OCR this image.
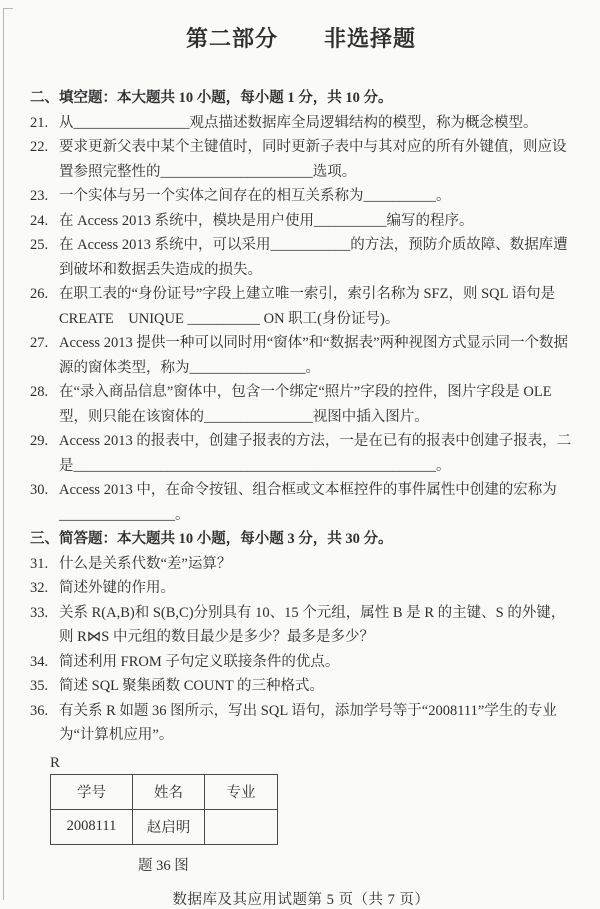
第二部分　　非选择题
二、填空题：本大题共 10 小题，每小题 1 分，共 10 分。
21. 从________________观点描述数据库全局逻辑结构的模型，称为概念模型。
22. 要求更新父表中某个主键值时，同时更新子表中与其对应的所有外键值，则应设置参照完整性的_____________________选项。
23. 一个实体与另一个实体之间存在的相互关系称为__________。
24. 在 Access 2013 系统中，模块是用户使用__________编写的程序。
25. 在 Access 2013 系统中，可以采用___________的方法，预防介质故障、数据库遭到破坏和数据丢失造成的损失。
26. 在职工表的“身份证号”字段上建立唯一索引，索引名称为 SFZ，则 SQL 语句是 CREATE　UNIQUE __________ ON 职工(身份证号)。
27. Access 2013 提供一种可以同时用“窗体”和“数据表”两种视图方式显示同一个数据源的窗体类型，称为________________。
28. 在“录入商品信息”窗体中，包含一个绑定“照片”字段的控件，图片字段是 OLE 型，则只能在该窗体的_______________视图中插入图片。
29. Access 2013 的报表中，创建子报表的方法，一是在已有的报表中创建子报表，二是__________________________________________________。
30. Access 2013 中，在命令按钮、组合框或文本框控件的事件属性中创建的宏称为________________。
三、简答题：本大题共 10 小题，每小题 3 分，共 30 分。
31. 什么是关系代数“差”运算？
32. 简述外键的作用。
33. 关系 R(A,B)和 S(B,C)分别具有 10、15 个元组，属性 B 是 R 的主键、S 的外键，则 R⋈S 中元组的数目最少是多少？最多是多少？
34. 简述利用 FROM 子句定义联接条件的优点。
35. 简述 SQL 聚集函数 COUNT 的三种格式。
36. 有关系 R 如题 36 图所示，写出 SQL 语句，添加学号等于“2008111”学生的专业为“计算机应用”。
R
学号	姓名	专业
2008111	赵启明	
题 36 图
数据库及其应用试题第 5 页（共 7 页）
